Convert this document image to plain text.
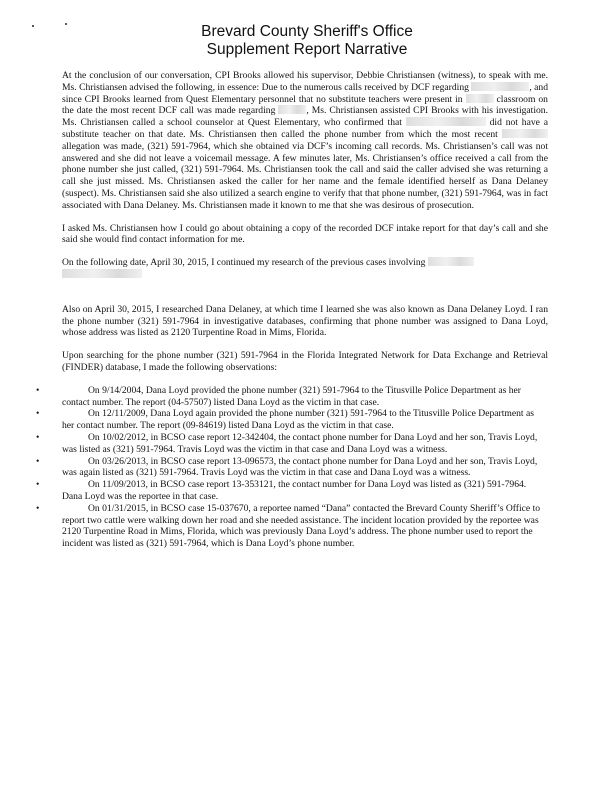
Brevard County Sheriff's Office
Supplement Report Narrative

At the conclusion of our conversation, CPI Brooks allowed his supervisor, Debbie Christiansen (witness), to speak with me. Ms. Christiansen advised the following, in essence: Due to the numerous calls received by DCF regarding	, and since CPI Brooks learned from Quest Elementary personnel that no substitute teachers were present in	classroom on the date the most recent DCF call was made regarding	, Ms. Christiansen assisted CPI Brooks with his investigation. Ms. Christiansen called a school counselor at Quest Elementary, who confirmed that	did not have a substitute teacher on that date. Ms. Christiansen then called the phone number from which the most recent  allegation was made, (321) 591-7964, which she obtained via DCF’s incoming call records. Ms. Christiansen’s call was not answered and she did not leave a voicemail message. A few minutes later, Ms. Christiansen’s office received a call from the phone number she just called, (321) 591-7964. Ms. Christiansen took the call and said the caller advised she was returning a call she just missed. Ms. Christiansen asked the caller for her name and the female identified herself as Dana Delaney (suspect). Ms. Christiansen said she also utilized a search engine to verify that that phone number, (321) 591-7964, was in fact associated with Dana Delaney. Ms. Christiansen made it known to me that she was desirous of prosecution.

I asked Ms. Christiansen how I could go about obtaining a copy of the recorded DCF intake report for that day’s call and she said she would find contact information for me.

On the following date, April 30, 2015, I continued my research of the previous cases involving

Also on April 30, 2015, I researched Dana Delaney, at which time I learned she was also known as Dana Delaney Loyd. I ran the phone number (321) 591-7964 in investigative databases, confirming that phone number was assigned to Dana Loyd, whose address was listed as 2120 Turpentine Road in Mims, Florida.

Upon searching for the phone number (321) 591-7964 in the Florida Integrated Network for Data Exchange and Retrieval (FINDER) database, I made the following observations:

•	On 9/14/2004, Dana Loyd provided the phone number (321) 591-7964 to the Titusville Police Department as her contact number. The report (04-57507) listed Dana Loyd as the victim in that case.
•	On 12/11/2009, Dana Loyd again provided the phone number (321) 591-7964 to the Titusville Police Department as her contact number. The report (09-84619) listed Dana Loyd as the victim in that case.
•	On 10/02/2012, in BCSO case report 12-342404, the contact phone number for Dana Loyd and her son, Travis Loyd, was listed as (321) 591-7964. Travis Loyd was the victim in that case and Dana Loyd was a witness.
•	On 03/26/2013, in BCSO case report 13-096573, the contact phone number for Dana Loyd and her son, Travis Loyd, was again listed as (321) 591-7964. Travis Loyd was the victim in that case and Dana Loyd was a witness.
•	On 11/09/2013, in BCSO case report 13-353121, the contact number for Dana Loyd was listed as (321) 591-7964. Dana Loyd was the reportee in that case.
•	On 01/31/2015, in BCSO case 15-037670, a reportee named “Dana” contacted the Brevard County Sheriff’s Office to report two cattle were walking down her road and she needed assistance. The incident location provided by the reportee was 2120 Turpentine Road in Mims, Florida, which was previously Dana Loyd’s address. The phone number used to report the incident was listed as (321) 591-7964, which is Dana Loyd’s phone number.
